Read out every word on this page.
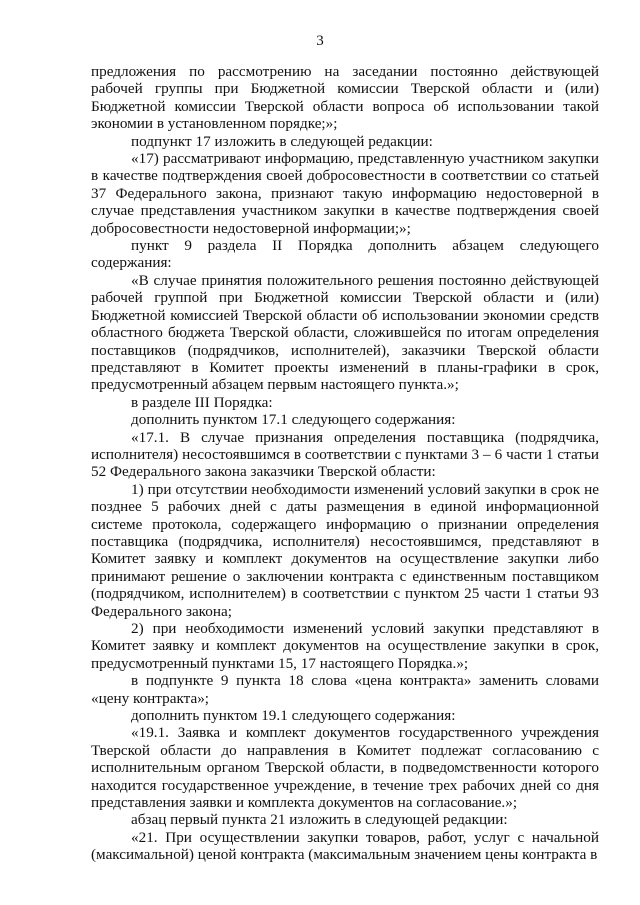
3

предложения по рассмотрению на заседании постоянно действующей рабочей группы при Бюджетной комиссии Тверской области и (или) Бюджетной комиссии Тверской области вопроса об использовании такой экономии в установленном порядке;»;

подпункт 17 изложить в следующей редакции:

«17) рассматривают информацию, представленную участником закупки в качестве подтверждения своей добросовестности в соответствии со статьей 37 Федерального закона, признают такую информацию недостоверной в случае представления участником закупки в качестве подтверждения своей добросовестности недостоверной информации;»;

пункт 9 раздела II Порядка дополнить абзацем следующего содержания:

«В случае принятия положительного решения постоянно действующей рабочей группой при Бюджетной комиссии Тверской области и (или) Бюджетной комиссией Тверской области об использовании экономии средств областного бюджета Тверской области, сложившейся по итогам определения поставщиков (подрядчиков, исполнителей), заказчики Тверской области представляют в Комитет проекты изменений в планы-графики в срок, предусмотренный абзацем первым настоящего пункта.»;

в разделе III Порядка:

дополнить пунктом 17.1 следующего содержания:

«17.1. В случае признания определения поставщика (подрядчика, исполнителя) несостоявшимся в соответствии с пунктами 3 – 6 части 1 статьи 52 Федерального закона заказчики Тверской области:

1) при отсутствии необходимости изменений условий закупки в срок не позднее 5 рабочих дней с даты размещения в единой информационной системе протокола, содержащего информацию о признании определения поставщика (подрядчика, исполнителя) несостоявшимся, представляют в Комитет заявку и комплект документов на осуществление закупки либо принимают решение о заключении контракта с единственным поставщиком (подрядчиком, исполнителем) в соответствии с пунктом 25 части 1 статьи 93 Федерального закона;

2) при необходимости изменений условий закупки представляют в Комитет заявку и комплект документов на осуществление закупки в срок, предусмотренный пунктами 15, 17 настоящего Порядка.»;

в подпункте 9 пункта 18 слова «цена контракта» заменить словами «цену контракта»;

дополнить пунктом 19.1 следующего содержания:

«19.1. Заявка и комплект документов государственного учреждения Тверской области до направления в Комитет подлежат согласованию с исполнительным органом Тверской области, в подведомственности которого находится государственное учреждение, в течение трех рабочих дней со дня представления заявки и комплекта документов на согласование.»;

абзац первый пункта 21 изложить в следующей редакции:

«21. При осуществлении закупки товаров, работ, услуг с начальной (максимальной) ценой контракта (максимальным значением цены контракта в
